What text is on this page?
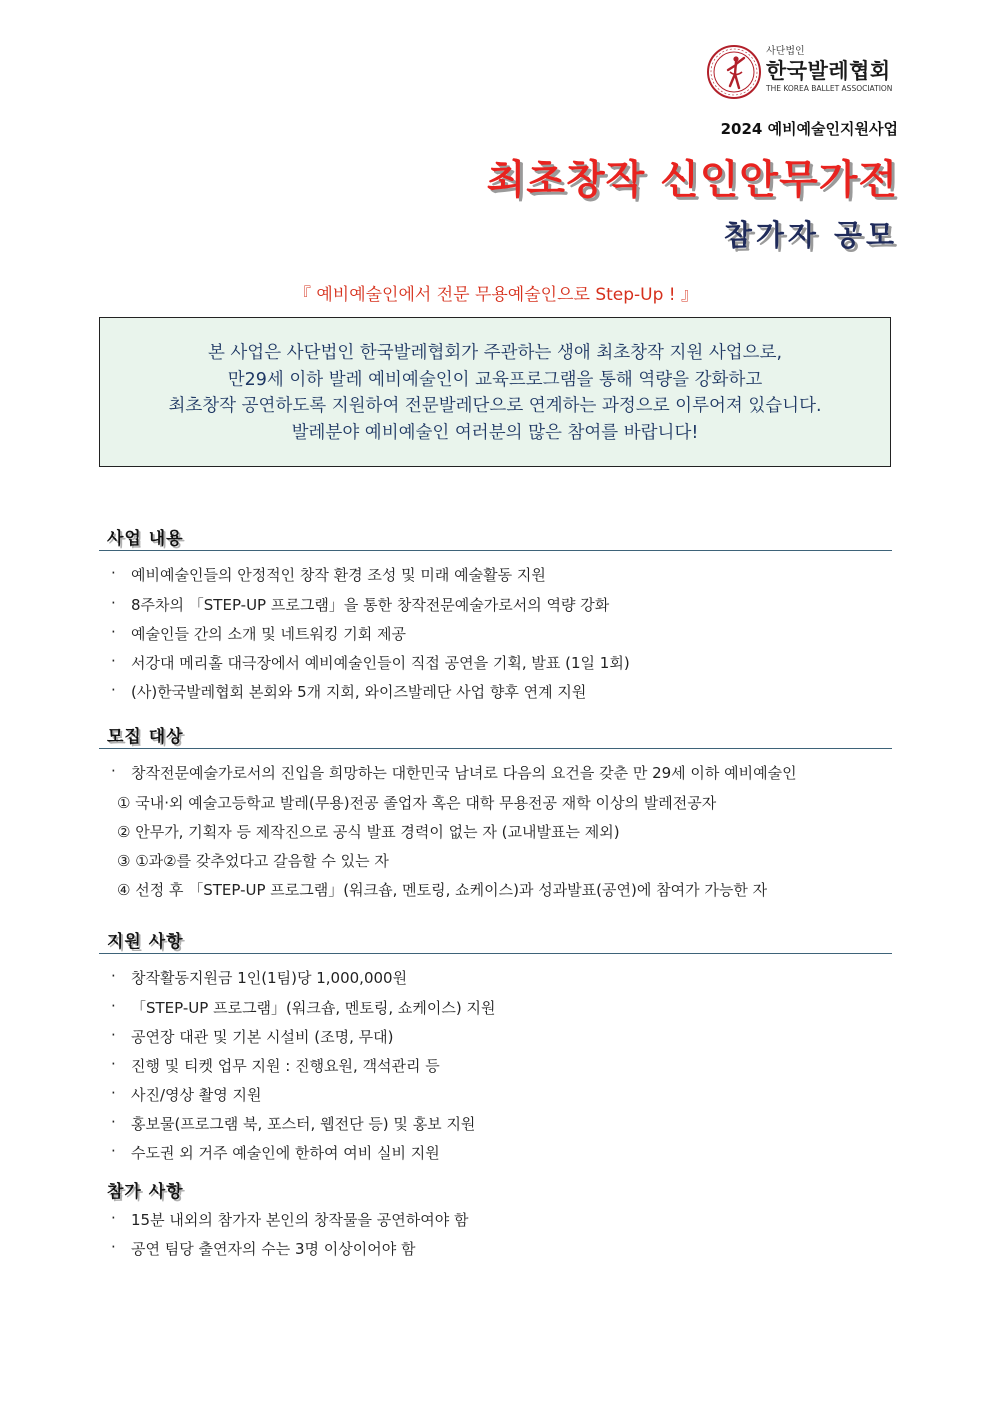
사단법인
한국발레협회
THE KOREA BALLET ASSOCIATION
2024 예비예술인지원사업
최초창작 신인안무가전
참가자 공모
『 예비예술인에서 전문 무용예술인으로 Step-Up ! 』

본 사업은 사단법인 한국발레협회가 주관하는 생애 최초창작 지원 사업으로,

만29세 이하 발레 예비예술인이 교육프로그램을 통해 역량을 강화하고

최초창작 공연하도록 지원하여 전문발레단으로 연계하는 과정으로 이루어져 있습니다.

발레분야 예비예술인 여러분의 많은 참여를 바랍니다!

사업 내용
· 예비예술인들의 안정적인 창작 환경 조성 및 미래 예술활동 지원
· 8주차의 「STEP-UP 프로그램」을 통한 창작전문예술가로서의 역량 강화
· 예술인들 간의 소개 및 네트워킹 기회 제공
· 서강대 메리홀 대극장에서 예비예술인들이 직접 공연을 기획, 발표 (1일 1회)
· (사)한국발레협회 본회와 5개 지회, 와이즈발레단 사업 향후 연계 지원
모집 대상
· 창작전문예술가로서의 진입을 희망하는 대한민국 남녀로 다음의 요건을 갖춘 만 29세 이하 예비예술인
① 국내·외 예술고등학교 발레(무용)전공 졸업자 혹은 대학 무용전공 재학 이상의 발레전공자
② 안무가, 기획자 등 제작진으로 공식 발표 경력이 없는 자 (교내발표는 제외)
③ ①과②를 갖추었다고 갈음할 수 있는 자
④ 선정 후 「STEP-UP 프로그램」(워크숍, 멘토링, 쇼케이스)과 성과발표(공연)에 참여가 가능한 자
지원 사항
· 창작활동지원금 1인(1팀)당 1,000,000원
· 「STEP-UP 프로그램」(워크숍, 멘토링, 쇼케이스) 지원
· 공연장 대관 및 기본 시설비 (조명, 무대)
· 진행 및 티켓 업무 지원 : 진행요원, 객석관리 등
· 사진/영상 촬영 지원
· 홍보물(프로그램 북, 포스터, 웹전단 등) 및 홍보 지원
· 수도권 외 거주 예술인에 한하여 여비 실비 지원
참가 사항
· 15분 내외의 참가자 본인의 창작물을 공연하여야 함
· 공연 팀당 출연자의 수는 3명 이상이어야 함
